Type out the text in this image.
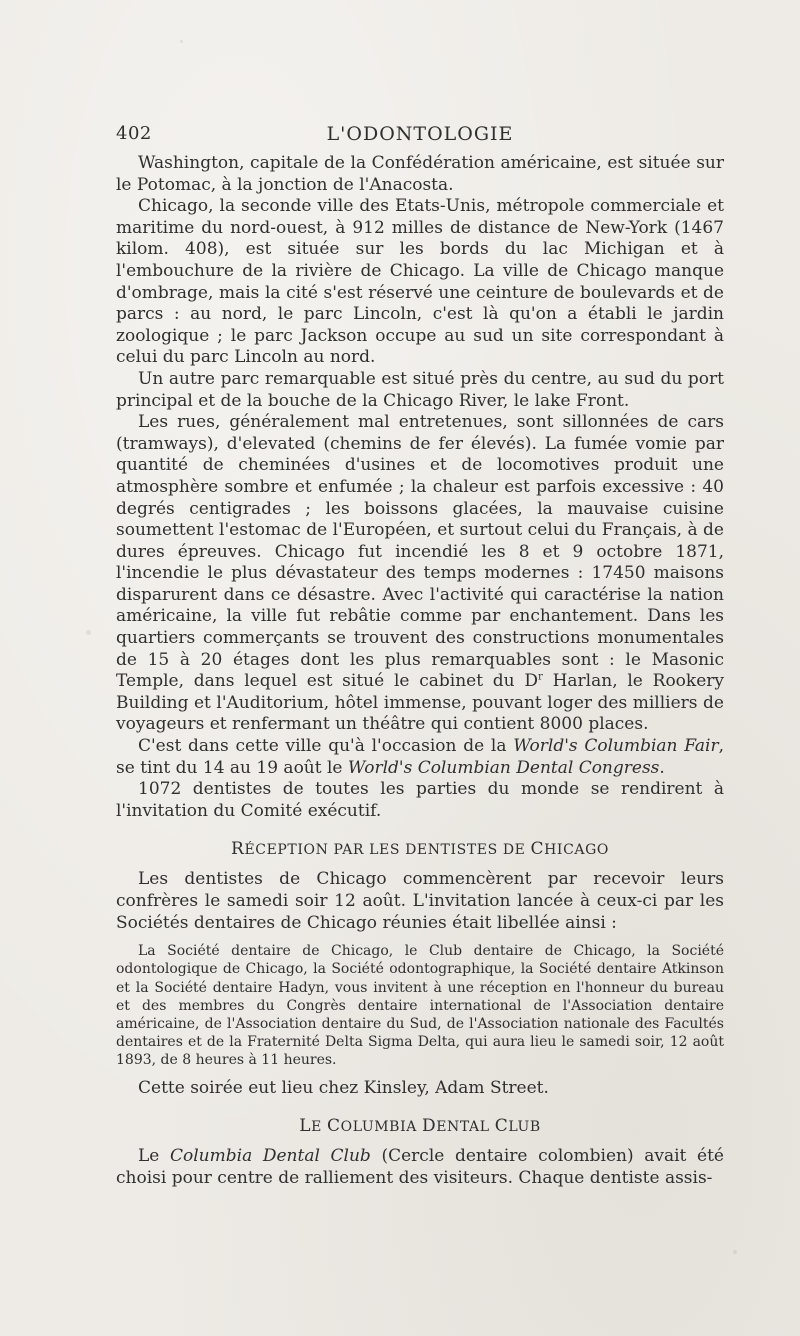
402	L'ODONTOLOGIE

Washington, capitale de la Confédération américaine, est située sur le Potomac, à la jonction de l'Anacosta.

Chicago, la seconde ville des Etats-Unis, métropole commerciale et maritime du nord-ouest, à 912 milles de distance de New-York (1467 kilom. 408), est située sur les bords du lac Michigan et à l'embouchure de la rivière de Chicago. La ville de Chicago manque d'ombrage, mais la cité s'est réservé une ceinture de boulevards et de parcs : au nord, le parc Lincoln, c'est là qu'on a établi le jardin zoologique ; le parc Jackson occupe au sud un site correspondant à celui du parc Lincoln au nord.

Un autre parc remarquable est situé près du centre, au sud du port principal et de la bouche de la Chicago River, le lake Front.

Les rues, généralement mal entretenues, sont sillonnées de cars (tramways), d'elevated (chemins de fer élevés). La fumée vomie par quantité de cheminées d'usines et de locomotives produit une atmosphère sombre et enfumée ; la chaleur est parfois excessive : 40 degrés centigrades ; les boissons glacées, la mauvaise cuisine soumettent l'estomac de l'Européen, et surtout celui du Français, à de dures épreuves. Chicago fut incendié les 8 et 9 octobre 1871, l'incendie le plus dévastateur des temps modernes : 17450 maisons disparurent dans ce désastre. Avec l'activité qui caractérise la nation américaine, la ville fut rebâtie comme par enchantement. Dans les quartiers commerçants se trouvent des constructions monumentales de 15 à 20 étages dont les plus remarquables sont : le Masonic Temple, dans lequel est situé le cabinet du $D^r$ Harlan, le Rookery Building et l'Auditorium, hôtel immense, pouvant loger des milliers de voyageurs et renfermant un théâtre qui contient 8000 places.

C'est dans cette ville qu'à l'occasion de la World's Columbian Fair, se tint du 14 au 19 août le World's Columbian Dental Congress.

1072 dentistes de toutes les parties du monde se rendirent à l'invitation du Comité exécutif.

RÉCEPTION PAR LES DENTISTES DE CHICAGO

Les dentistes de Chicago commencèrent par recevoir leurs confrères le samedi soir 12 août. L'invitation lancée à ceux-ci par les Sociétés dentaires de Chicago réunies était libellée ainsi :

La Société dentaire de Chicago, le Club dentaire de Chicago, la Société odontologique de Chicago, la Société odontographique, la Société dentaire Atkinson et la Société dentaire Hadyn, vous invitent à une réception en l'honneur du bureau et des membres du Congrès dentaire international de l'Association dentaire américaine, de l'Association dentaire du Sud, de l'Association nationale des Facultés dentaires et de la Fraternité Delta Sigma Delta, qui aura lieu le samedi soir, 12 août 1893, de 8 heures à 11 heures.

Cette soirée eut lieu chez Kinsley, Adam Street.

LE COLUMBIA DENTAL CLUB

Le Columbia Dental Club (Cercle dentaire colombien) avait été choisi pour centre de ralliement des visiteurs. Chaque dentiste assis-
